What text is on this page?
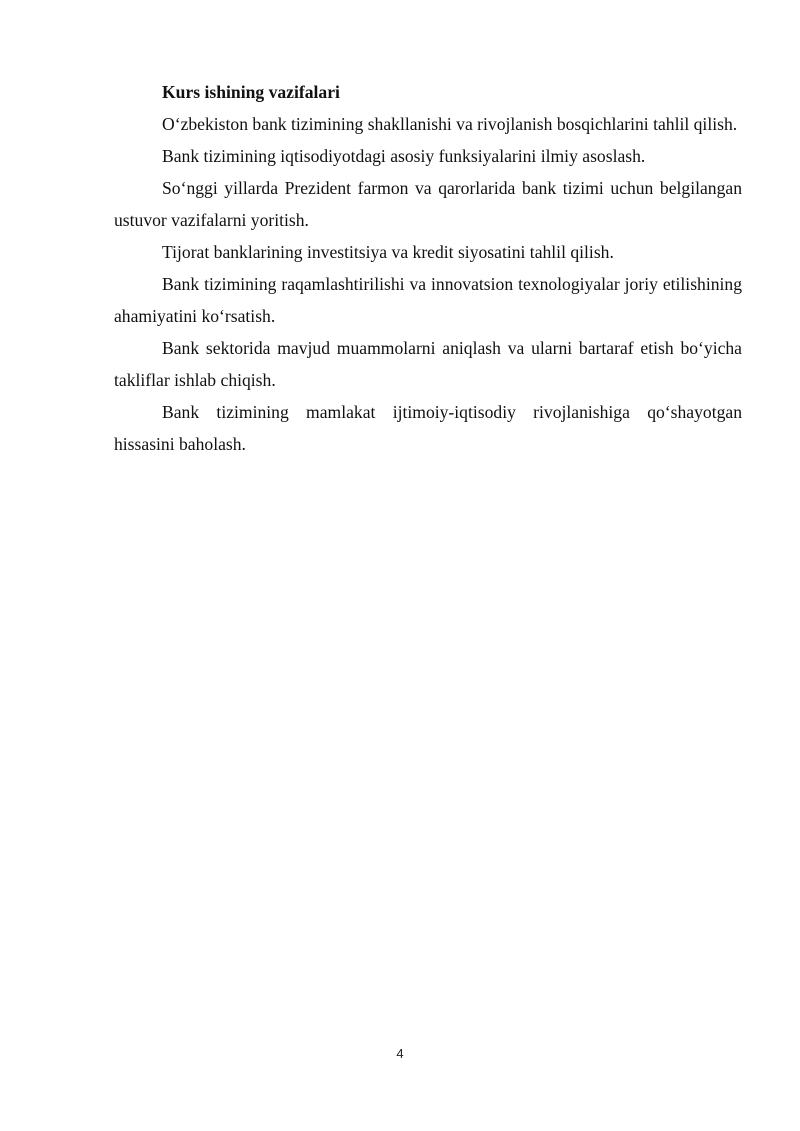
Kurs ishining vazifalari

O‘zbekiston bank tizimining shakllanishi va rivojlanish bosqichlarini tahlil qilish.

Bank tizimining iqtisodiyotdagi asosiy funksiyalarini ilmiy asoslash.

So‘nggi yillarda Prezident farmon va qarorlarida bank tizimi uchun belgilangan ustuvor vazifalarni yoritish.

Tijorat banklarining investitsiya va kredit siyosatini tahlil qilish.

Bank tizimining raqamlashtirilishi va innovatsion texnologiyalar joriy etilishining ahamiyatini ko‘rsatish.

Bank sektorida mavjud muammolarni aniqlash va ularni bartaraf etish bo‘yicha takliflar ishlab chiqish.

Bank tizimining mamlakat ijtimoiy-iqtisodiy rivojlanishiga qo‘shayotgan hissasini baholash.

4
